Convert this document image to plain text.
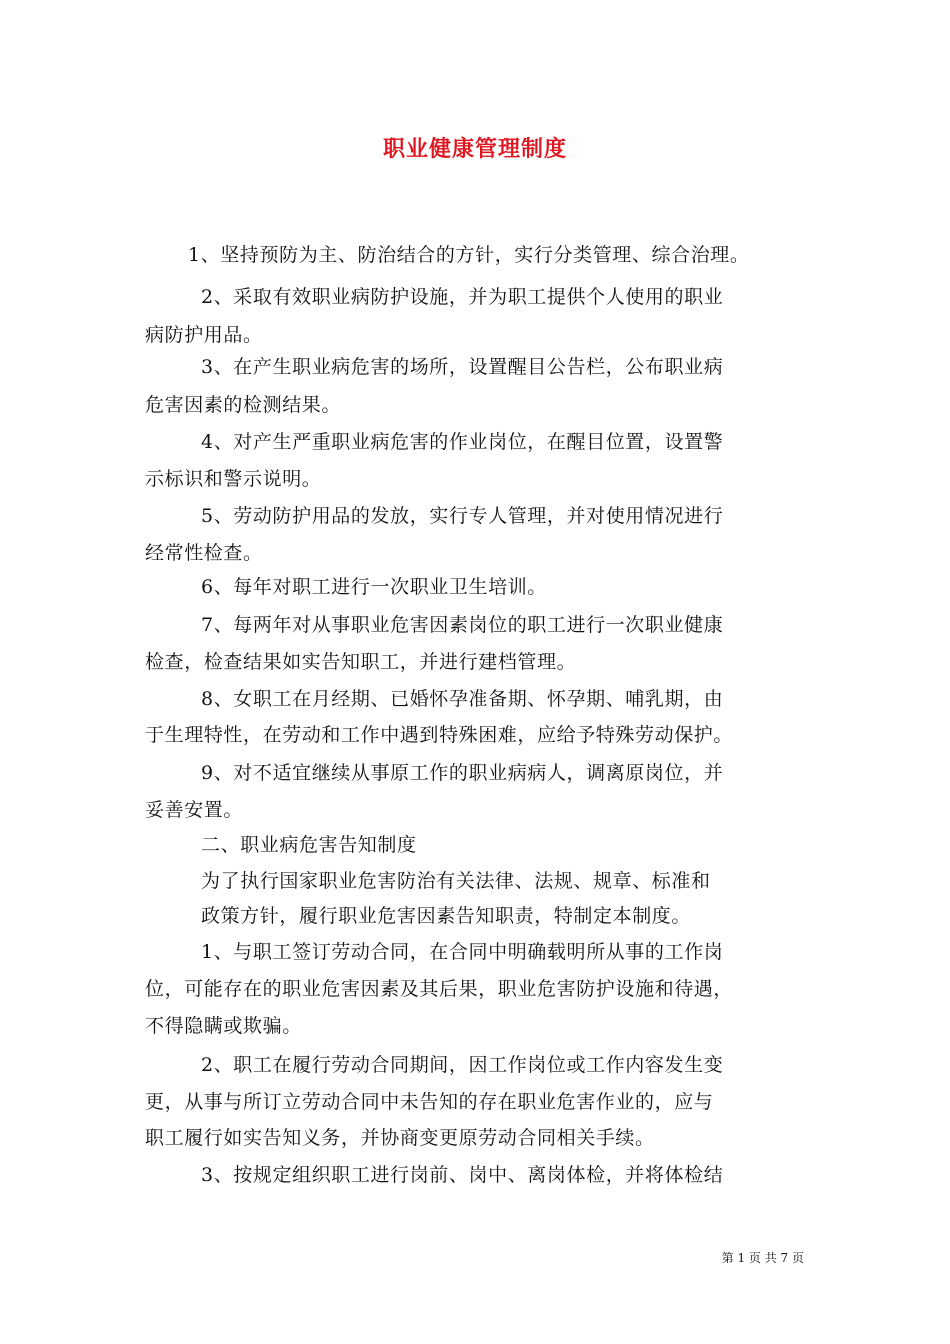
职业健康管理制度
1、坚持预防为主、防治结合的方针，实行分类管理、综合治理。
2、采取有效职业病防护设施，并为职工提供个人使用的职业
病防护用品。
3、在产生职业病危害的场所，设置醒目公告栏，公布职业病
危害因素的检测结果。
4、对产生严重职业病危害的作业岗位，在醒目位置，设置警
示标识和警示说明。
5、劳动防护用品的发放，实行专人管理，并对使用情况进行
经常性检查。
6、每年对职工进行一次职业卫生培训。
7、每两年对从事职业危害因素岗位的职工进行一次职业健康
检查，检查结果如实告知职工，并进行建档管理。
8、女职工在月经期、已婚怀孕准备期、怀孕期、哺乳期，由
于生理特性，在劳动和工作中遇到特殊困难，应给予特殊劳动保护。
9、对不适宜继续从事原工作的职业病病人，调离原岗位，并
妥善安置。
二、职业病危害告知制度
为了执行国家职业危害防治有关法律、法规、规章、标准和
政策方针，履行职业危害因素告知职责，特制定本制度。
1、与职工签订劳动合同，在合同中明确载明所从事的工作岗
位，可能存在的职业危害因素及其后果，职业危害防护设施和待遇，
不得隐瞒或欺骗。
2、职工在履行劳动合同期间，因工作岗位或工作内容发生变
更，从事与所订立劳动合同中未告知的存在职业危害作业的，应与
职工履行如实告知义务，并协商变更原劳动合同相关手续。
3、按规定组织职工进行岗前、岗中、离岗体检，并将体检结
第 1 页 共 7 页
